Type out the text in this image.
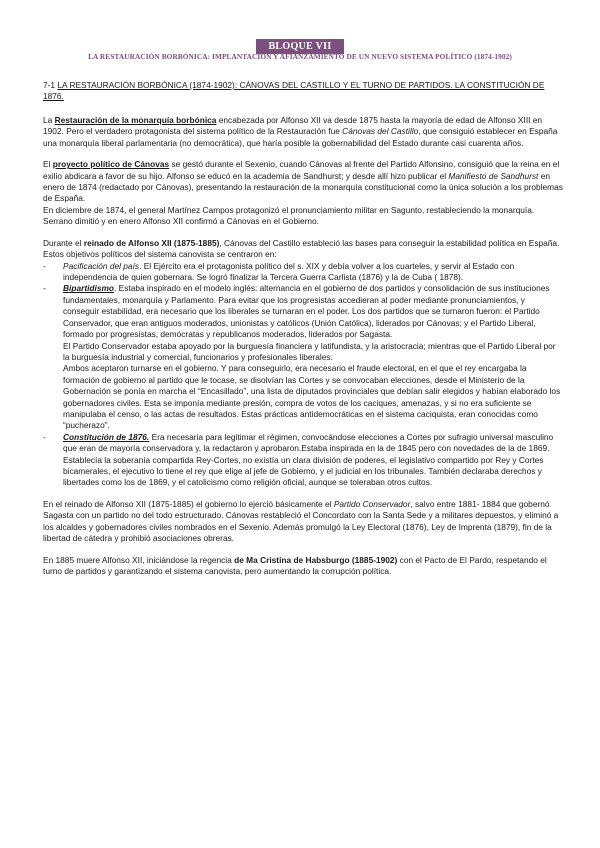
BLOQUE VII
LA RESTAURACIÓN BORBÓNICA: IMPLANTACIÓN Y AFIANZAMIENTO DE UN NUEVO SISTEMA POLÍTICO (1874-1902)

7-1 LA RESTAURACIÓN BORBÓNICA (1874-1902): CÁNOVAS DEL CASTILLO Y EL TURNO DE PARTIDOS. LA CONSTITUCIÓN DE 1876.

La Restauración de la monarquía borbónica encabezada por Alfonso XII va desde 1875 hasta la mayoría de edad de Alfonso XIII en 1902. Pero el verdadero protagonista del sistema político de la Restauración fue Cánovas del Castillo, que consiguió establecer en España una monarquía liberal parlamentaria (no democrática), que haría posible la gobernabilidad del Estado durante casi cuarenta años.

El proyecto político de Cánovas se gestó durante el Sexenio, cuando Cánovas al frente del Partido Alfonsino, consiguió que la reina en el exilio abdicara a favor de su hijo. Alfonso se educó en la academia de Sandhurst; y desde allí hizo publicar el Manifiesto de Sandhurst en enero de 1874 (redactado por Cánovas), presentando la restauración de la monarquía constitucional como la única solución a los problemas de España.
En diciembre de 1874, el general Martínez Campos protagonizó el pronunciamiento militar en Sagunto, restableciendo la monarquía. Serrano dimitió y en enero Alfonso XII confirmó a Cánovas en el Gobierno.

Durante el reinado de Alfonso XII (1875-1885), Cánovas del Castillo estableció las bases para conseguir la estabilidad política en España. Estos objetivos políticos del sistema canovista se centraron en:

- Pacificación del país. El Ejército era el protagonista político del s. XIX y debía volver a los cuarteles, y servir al Estado con independencia de quien gobernara. Se logró finalizar la Tercera Guerra Carlista (1876) y la de Cuba ( 1878).
- Bipartidismo. Estaba inspirado en el modelo inglés: alternancia en el gobierno de dos partidos y consolidación de sus instituciones fundamentales, monarquía y Parlamento. Para evitar que los progresistas accedieran al poder mediante pronunciamientos, y conseguir estabilidad, era necesario que los liberales se turnaran en el poder. Los dos partidos que se turnaron fueron: el Partido Conservador, que eran antiguos moderados, unionistas y católicos (Unión Católica), liderados por Cánovas; y el Partido Liberal, formado por progresistas, demócratas y republicanos moderados, liderados por Sagasta.
El Partido Conservador estaba apoyado por la burguesía financiera y latifundista, y la aristocracia; mientras que el Partido Liberal por la burguesía industrial y comercial, funcionarios y profesionales liberales.
Ambos aceptaron turnarse en el gobierno. Y para conseguirlo, era necesario el fraude electoral, en el que el rey encargaba la formación de gobierno al partido que le tocase, se disolvían las Cortes y se convocaban elecciones, desde el Ministerio de la Gobernación se ponía en marcha el “Encasillado”, una lista de diputados provinciales que debían salir elegidos y habían elaborado los gobernadores civiles. Esta se imponía mediante presión, compra de votos de los caciques, amenazas, y si no era suficiente se manipulaba el censo, o las actas de resultados. Estas prácticas antidemocráticas en el sistema caciquista, eran conocidas como “pucherazo”.
- Constitución de 1876. Era necesaria para legitimar el régimen, convocándose elecciones a Cortes por sufragio universal masculino que eran de mayoría conservadora y, la redactaron y aprobaron.Estaba inspirada en la de 1845 pero con novedades de la de 1869. Establecía la soberanía compartida Rey-Cortes, no existía un clara división de poderes, el legislativo compartido por Rey y Cortes bicamerales, el ejecutivo lo tiene el rey que elige al jefe de Gobierno, y el judicial en los tribunales. También declaraba derechos y libertades como los de 1869, y el catolicismo como religión oficial, aunque se toleraban otros cultos.

En el reinado de Alfonso XII (1875-1885) el gobierno lo ejerció básicamente el Partido Conservador, salvo entre 1881- 1884 que gobernó Sagasta con un partido no del todo estructurado. Cánovas restableció el Concordato con la Santa Sede y a militares depuestos, y eliminó a los alcaldes y gobernadores civiles nombrados en el Sexenio. Además promulgó la Ley Electoral (1876), Ley de Imprenta (1879), fin de la libertad de cátedra y prohibió asociaciones obreras.

En 1885 muere Alfonso XII, iniciándose la regencia de Ma Cristina de Habsburgo (1885-1902) con el Pacto de El Pardo, respetando el turno de partidos y garantizando el sistema canovista, pero aumentando la corrupción política.
